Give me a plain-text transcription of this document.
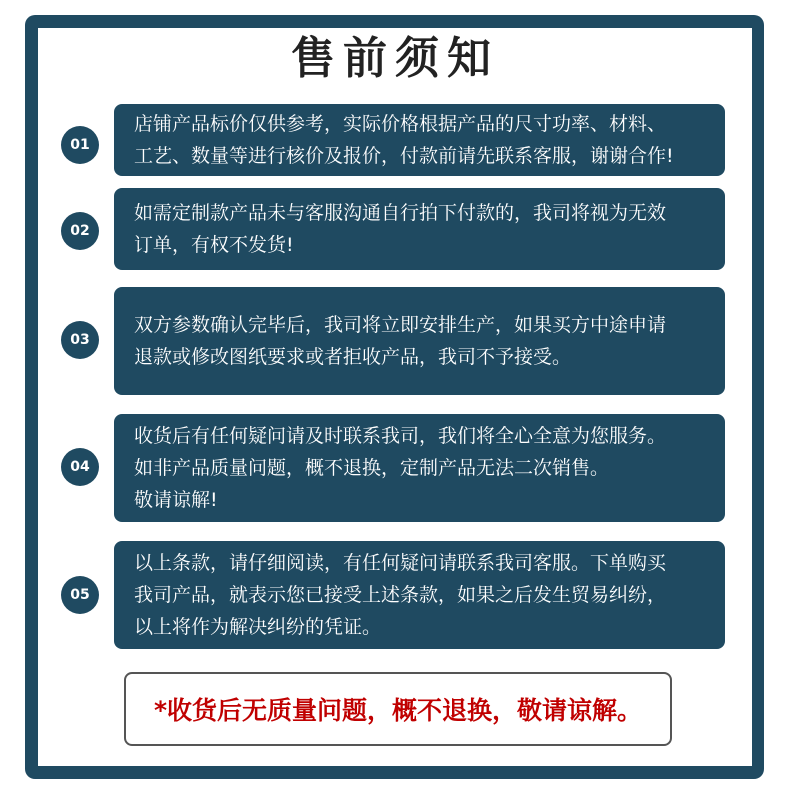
售前须知
01

店铺产品标价仅供参考，实际价格根据产品的尺寸功率、材料、

工艺、数量等进行核价及报价，付款前请先联系客服，谢谢合作!

02

如需定制款产品未与客服沟通自行拍下付款的，我司将视为无效

订单，有权不发货!

03

双方参数确认完毕后，我司将立即安排生产，如果买方中途申请

退款或修改图纸要求或者拒收产品，我司不予接受。

04

收货后有任何疑问请及时联系我司，我们将全心全意为您服务。

如非产品质量问题，概不退换，定制产品无法二次销售。

敬请谅解!

05

以上条款，请仔细阅读，有任何疑问请联系我司客服。下单购买

我司产品，就表示您已接受上述条款，如果之后发生贸易纠纷，

以上将作为解决纠纷的凭证。

*收货后无质量问题，概不退换，敬请谅解。
